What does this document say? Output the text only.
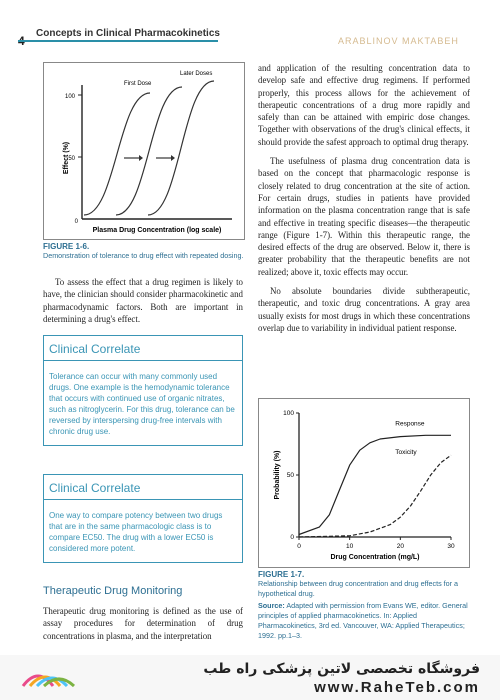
Concepts in Clinical Pharmacokinetics
ARABLINOV MAKTABEH
100
50
0
Effect (%)
Plasma Drug Concentration (log scale)
First Dose
Later Doses
FIGURE 1-6.
Demonstration of tolerance to drug effect with repeated dosing.

To assess the effect that a drug regimen is likely to have, the clinician should consider pharmacokinetic and pharmacodynamic factors. Both are important in determining a drug's effect.

Clinical Correlate
Tolerance can occur with many commonly used drugs. One example is the hemodynamic tolerance that occurs with continued use of organic nitrates, such as nitroglycerin. For this drug, tolerance can be reversed by interspersing drug-free intervals with chronic drug use.
Clinical Correlate
One way to compare potency between two drugs that are in the same pharmacologic class is to compare EC50. The drug with a lower EC50 is considered more potent.
Therapeutic Drug Monitoring

Therapeutic drug monitoring is defined as the use of assay procedures for determination of drug concentrations in plasma, and the interpretation

and application of the resulting concentration data to develop safe and effective drug regimens. If performed properly, this process allows for the achievement of therapeutic concentrations of a drug more rapidly and safely than can be attained with empiric dose changes. Together with observations of the drug's clinical effects, it should provide the safest approach to optimal drug therapy.

The usefulness of plasma drug concentration data is based on the concept that pharmacologic response is closely related to drug concentration at the site of action. For certain drugs, studies in patients have provided information on the plasma concentration range that is safe and effective in treating specific diseases—the therapeutic range (Figure 1-7). Within this therapeutic range, the desired effects of the drug are observed. Below it, there is greater probability that the therapeutic benefits are not realized; above it, toxic effects may occur.

No absolute boundaries divide subtherapeutic, therapeutic, and toxic drug concentrations. A gray area usually exists for most drugs in which these concentrations overlap due to variability in individual patient response.

0	10	20	30
0
50
100
Drug Concentration (mg/L)
Probability (%)
Response
Toxicity
FIGURE 1-7.
Relationship between drug concentration and drug effects for a hypothetical drug.
Source: Adapted with permission from Evans WE, editor. General principles of applied pharmacokinetics. In: Applied Pharmacokinetics, 3rd ed. Vancouver, WA: Applied Therapeutics; 1992. pp.1–3.
فروشگاه تخصصی لاتین پزشکی راه طب
www.RaheTeb.com
